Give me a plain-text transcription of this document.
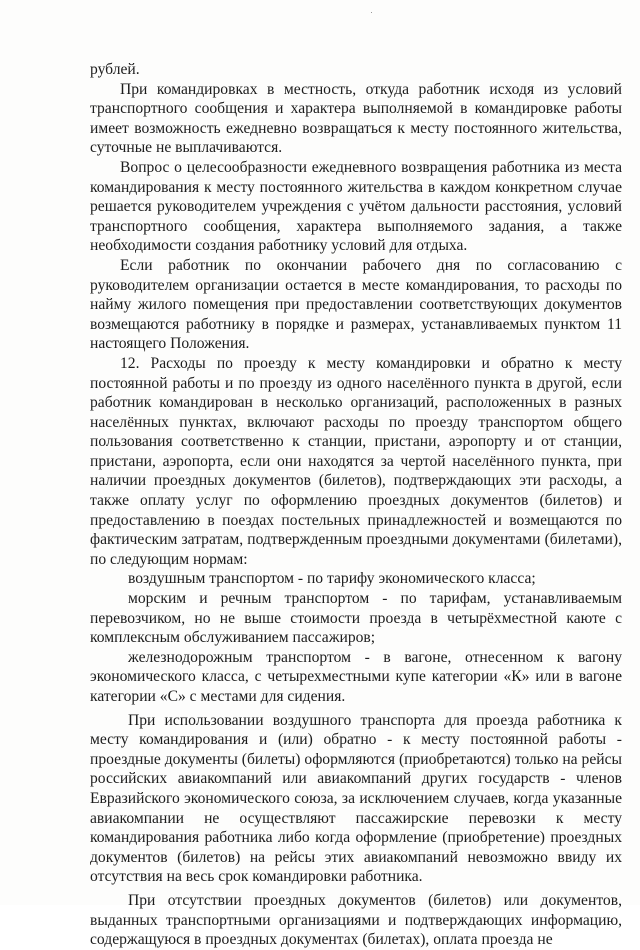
рублей.

При командировках в местность, откуда работник исходя из условий транспортного сообщения и характера выполняемой в командировке работы имеет возможность ежедневно возвращаться к месту постоянного жительства, суточные не выплачиваются.

Вопрос о целесообразности ежедневного возвращения работника из места командирования к месту постоянного жительства в каждом конкретном случае решается руководителем учреждения с учётом дальности расстояния, условий транспортного сообщения, характера выполняемого задания, а также необходимости создания работнику условий для отдыха.

Если работник по окончании рабочего дня по согласованию с руководителем организации остается в месте командирования, то расходы по найму жилого помещения при предоставлении соответствующих документов возмещаются работнику в порядке и размерах, устанавливаемых пунктом 11 настоящего Положения.

12. Расходы по проезду к месту командировки и обратно к месту постоянной работы и по проезду из одного населённого пункта в другой, если работник командирован в несколько организаций, расположенных в разных населённых пунктах, включают расходы по проезду транспортом общего пользования соответственно к станции, пристани, аэропорту и от станции, пристани, аэропорта, если они находятся за чертой населённого пункта, при наличии проездных документов (билетов), подтверждающих эти расходы, а также оплату услуг по оформлению проездных документов (билетов) и предоставлению в поездах постельных принадлежностей и возмещаются по фактическим затратам, подтвержденным проездными документами (билетами), по следующим нормам:

воздушным транспортом - по тарифу экономического класса;

морским и речным транспортом - по тарифам, устанавливаемым перевозчиком, но не выше стоимости проезда в четырёхместной каюте с комплексным обслуживанием пассажиров;

железнодорожным транспортом - в вагоне, отнесенном к вагону экономического класса, с четырехместными купе категории «К» или в вагоне категории «С» с местами для сидения.

При использовании воздушного транспорта для проезда работника к месту командирования и (или) обратно - к месту постоянной работы - проездные документы (билеты) оформляются (приобретаются) только на рейсы российских авиакомпаний или авиакомпаний других государств - членов Евразийского экономического союза, за исключением случаев, когда указанные авиакомпании не осуществляют пассажирские перевозки к месту командирования работника либо когда оформление (приобретение) проездных документов (билетов) на рейсы этих авиакомпаний невозможно ввиду их отсутствия на весь срок командировки работника.

При отсутствии проездных документов (билетов) или документов, выданных транспортными организациями и подтверждающих информацию, содержащуюся в проездных документах (билетах), оплата проезда не
